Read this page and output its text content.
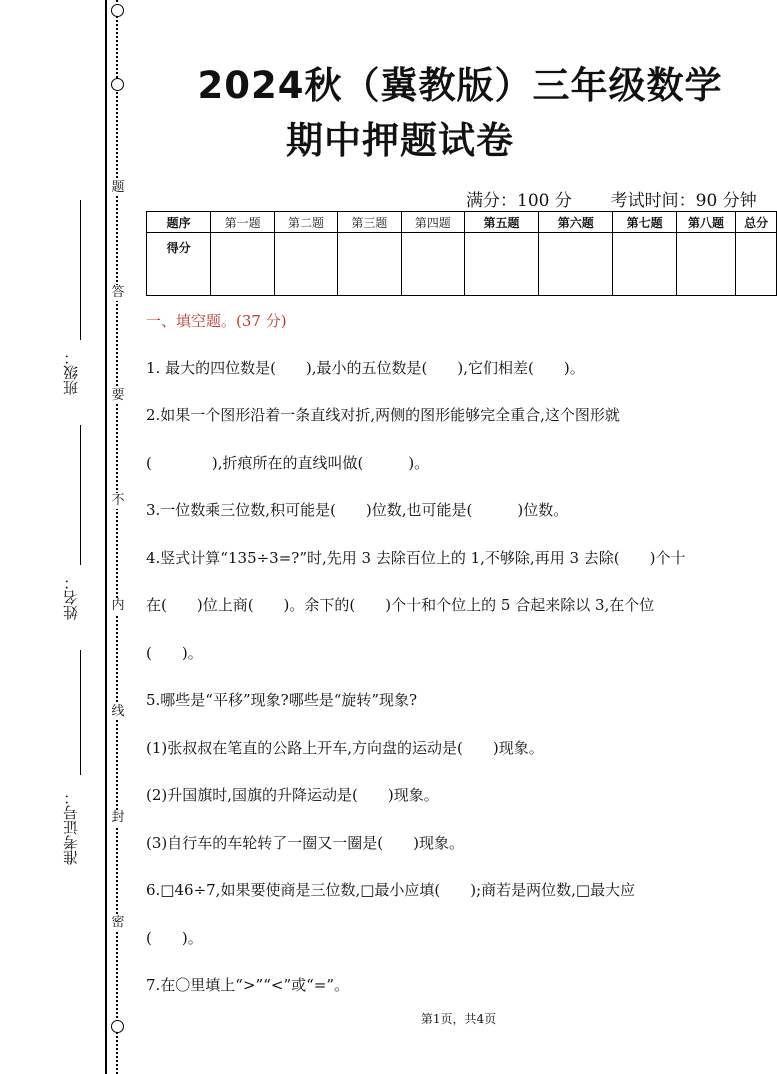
题
答
要
不
内
线
封
密
班级：
姓名：
准考证号：
2024秋（冀教版）三年级数学
期中押题试卷
满分：100 分 考试时间：90 分钟
题序	第一题	第二题	第三题	第四题	第五题	第六题	第七题	第八题	总分
得分									
一、填空题。(37 分)
1. 最大的四位数是(　　),最小的五位数是(　　),它们相差(　　)。
2.如果一个图形沿着一条直线对折,两侧的图形能够完全重合,这个图形就
(　　　　),折痕所在的直线叫做(　　　)。
3.一位数乘三位数,积可能是(　　)位数,也可能是(　　　)位数。
4.竖式计算“135÷3=?”时,先用 3 去除百位上的 1,不够除,再用 3 去除(　　)个十
在(　　)位上商(　　)。余下的(　　)个十和个位上的 5 合起来除以 3,在个位
(　　)。
5.哪些是“平移”现象?哪些是“旋转”现象?
(1)张叔叔在笔直的公路上开车,方向盘的运动是(　　)现象。
(2)升国旗时,国旗的升降运动是(　　)现象。
(3)自行车的车轮转了一圈又一圈是(　　)现象。
6.□46÷7,如果要使商是三位数,□最小应填(　　);商若是两位数,□最大应
(　　)。
7.在〇里填上“>”“<”或“=”。
第1页，共4页
